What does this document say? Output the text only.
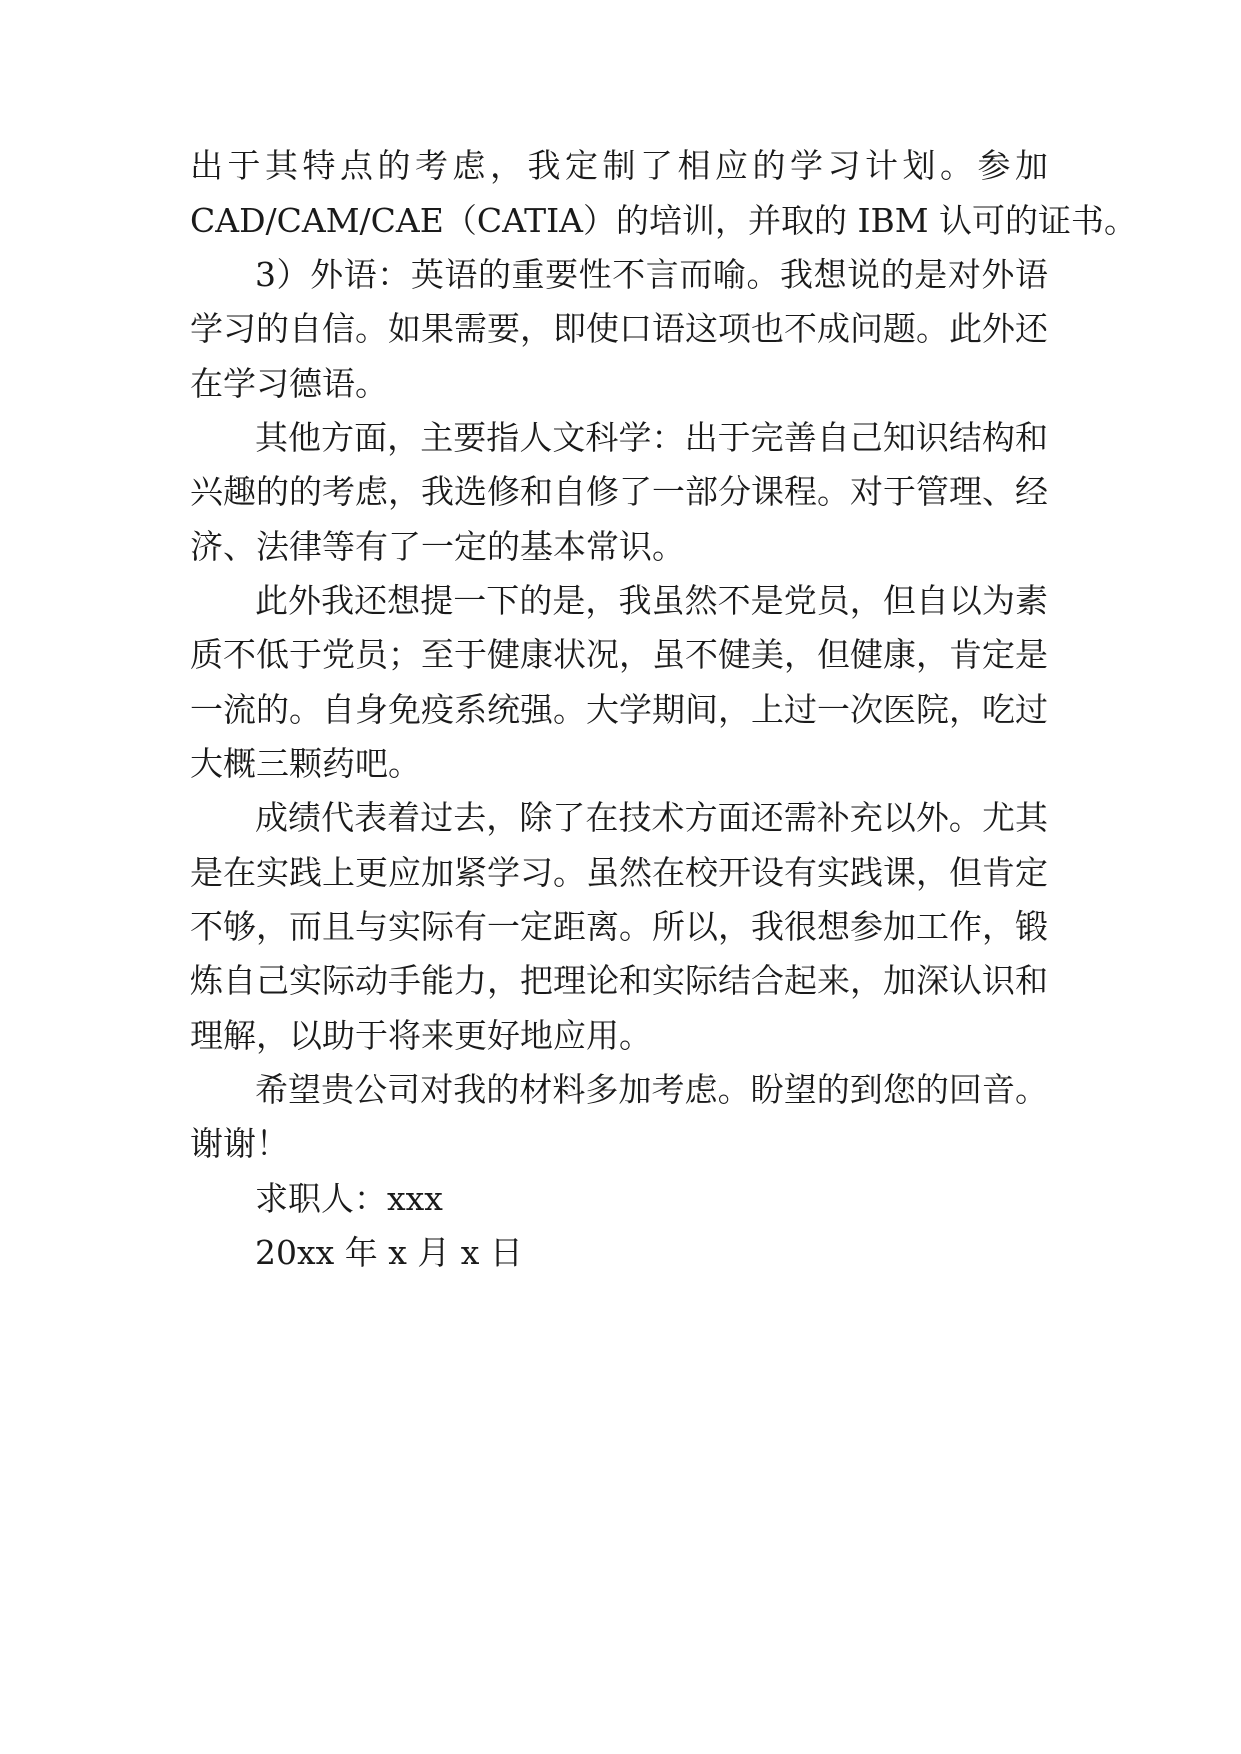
出于其特点的考虑，我定制了相应的学习计划。参加
CAD/CAM/CAE（CATIA）的培训，并取的 IBM 认可的证书。
3）外语：英语的重要性不言而喻。我想说的是对外语
学习的自信。如果需要，即使口语这项也不成问题。此外还
在学习德语。
其他方面，主要指人文科学：出于完善自己知识结构和
兴趣的的考虑，我选修和自修了一部分课程。对于管理、经
济、法律等有了一定的基本常识。
此外我还想提一下的是，我虽然不是党员，但自以为素
质不低于党员；至于健康状况，虽不健美，但健康，肯定是
一流的。自身免疫系统强。大学期间，上过一次医院，吃过
大概三颗药吧。
成绩代表着过去，除了在技术方面还需补充以外。尤其
是在实践上更应加紧学习。虽然在校开设有实践课，但肯定
不够，而且与实际有一定距离。所以，我很想参加工作，锻
炼自己实际动手能力，把理论和实际结合起来，加深认识和
理解，以助于将来更好地应用。
希望贵公司对我的材料多加考虑。盼望的到您的回音。
谢谢！
求职人：xxx
20xx 年 x 月 x 日
